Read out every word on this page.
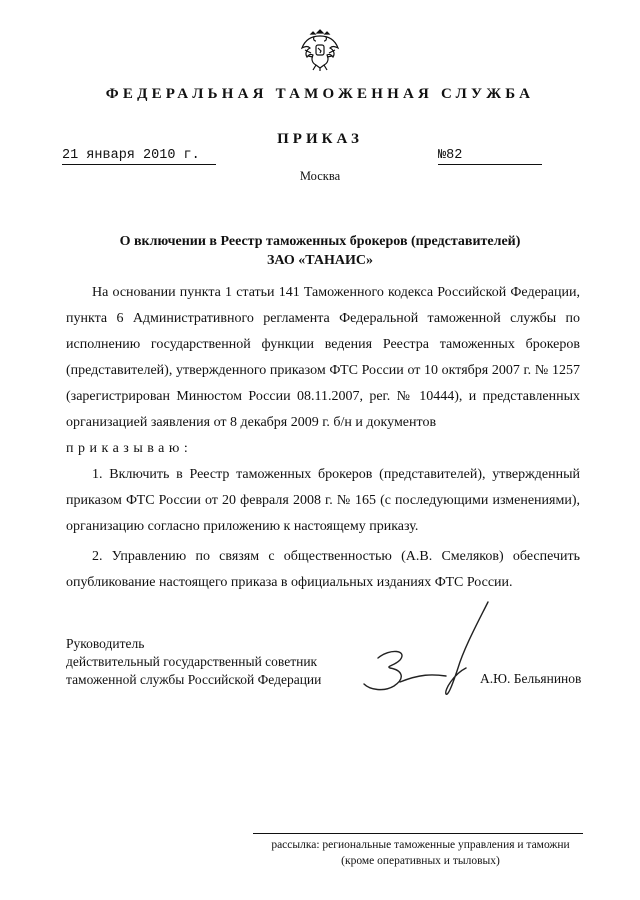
ФЕДЕРАЛЬНАЯ ТАМОЖЕННАЯ СЛУЖБА
ПРИКАЗ
21 января 2010 г.	№82
Москва
О включении в Реестр таможенных брокеров (представителей)
ЗАО «ТАНАИС»

На основании пункта 1 статьи 141 Таможенного кодекса Российской Федерации, пункта 6 Административного регламента Федеральной таможенной службы по исполнению государственной функции ведения Реестра таможенных брокеров (представителей), утвержденного приказом ФТС России от 10 октября 2007 г. № 1257 (зарегистрирован Минюстом России 08.11.2007, рег. № 10444), и представленных организацией заявления от 8 декабря 2009 г. б/н и документов

приказываю:

1. Включить в Реестр таможенных брокеров (представителей), утвержденный приказом ФТС России от 20 февраля 2008 г. № 165 (с последующими изменениями), организацию согласно приложению к настоящему приказу.

2. Управлению по связям с общественностью (А.В. Смеляков) обеспечить опубликование настоящего приказа в официальных изданиях ФТС России.

Руководитель
действительный государственный советник
таможенной службы Российской Федерации	А.Ю. Бельянинов
рассылка: региональные таможенные управления и таможни
(кроме оперативных и тыловых)
